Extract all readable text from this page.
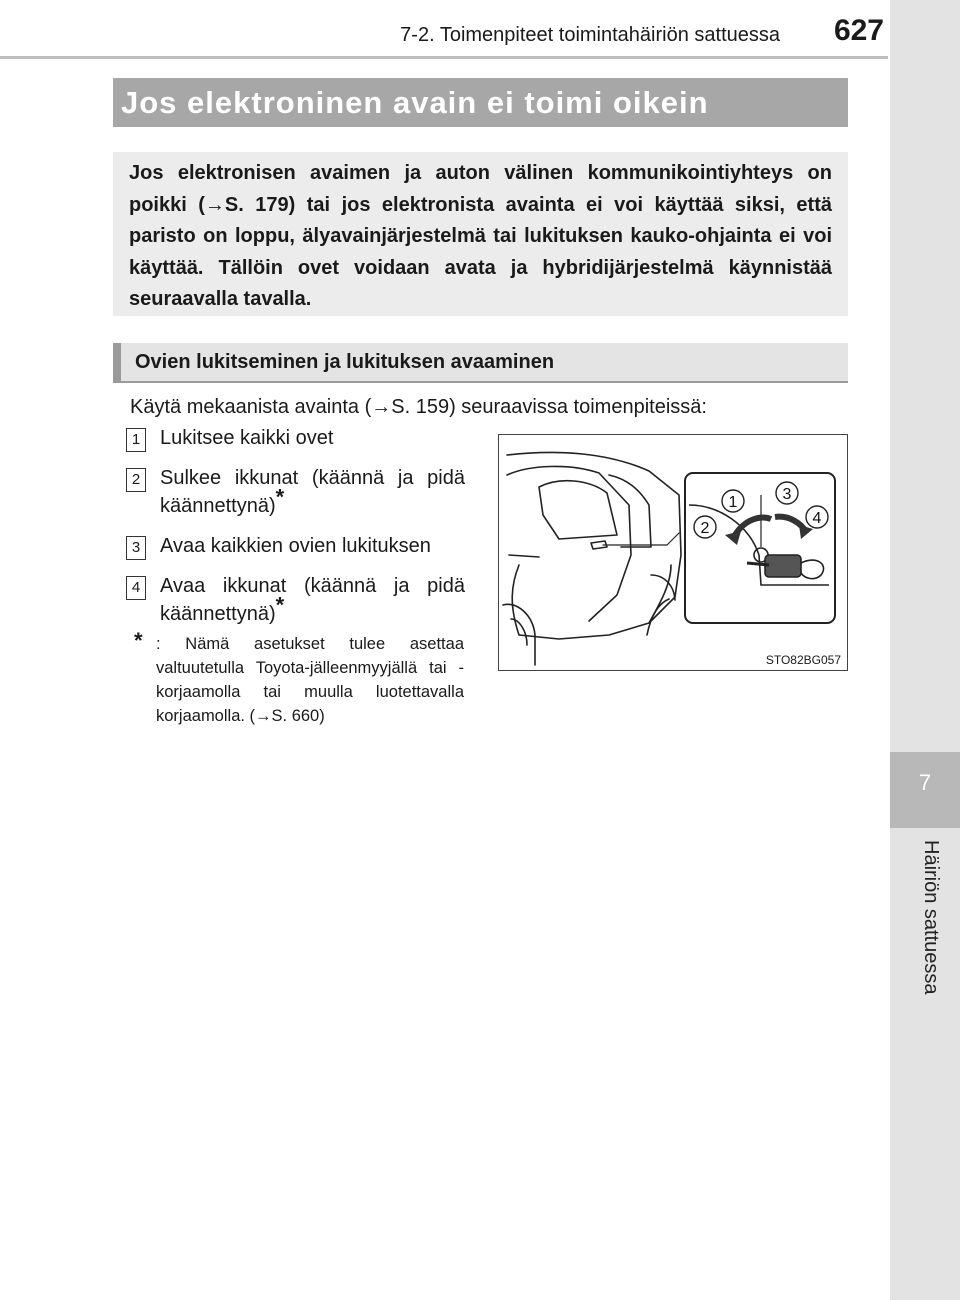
7-2. Toimenpiteet toimintahäiriön sattuessa 627
7
Häiriön sattuessa
Jos elektroninen avain ei toimi oikein
Jos elektronisen avaimen ja auton välinen kommunikointiyhteys on poikki (→S. 179) tai jos elektronista avainta ei voi käyttää siksi, että paristo on loppu, älyavainjärjestelmä tai lukituksen kauko-ohjainta ei voi käyttää. Tällöin ovet voidaan avata ja hybridijärjestelmä käynnistää seuraavalla tavalla.
Ovien lukitseminen ja lukituksen avaaminen
Käytä mekaanista avainta (→S. 159) seuraavissa toimenpiteissä:
1 Lukitsee kaikki ovet
2 Sulkee ikkunat (käännä ja pidä käännettynä)*
3 Avaa kaikkien ovien lukituksen
4 Avaa ikkunat (käännä ja pidä käännettynä)*
* : Nämä asetukset tulee asettaa valtuutetulla Toyota-jälleenmyyjällä tai -korjaamolla tai muulla luotettavalla korjaamolla. (→S. 660)
1
2
3
4
STO82BG057
